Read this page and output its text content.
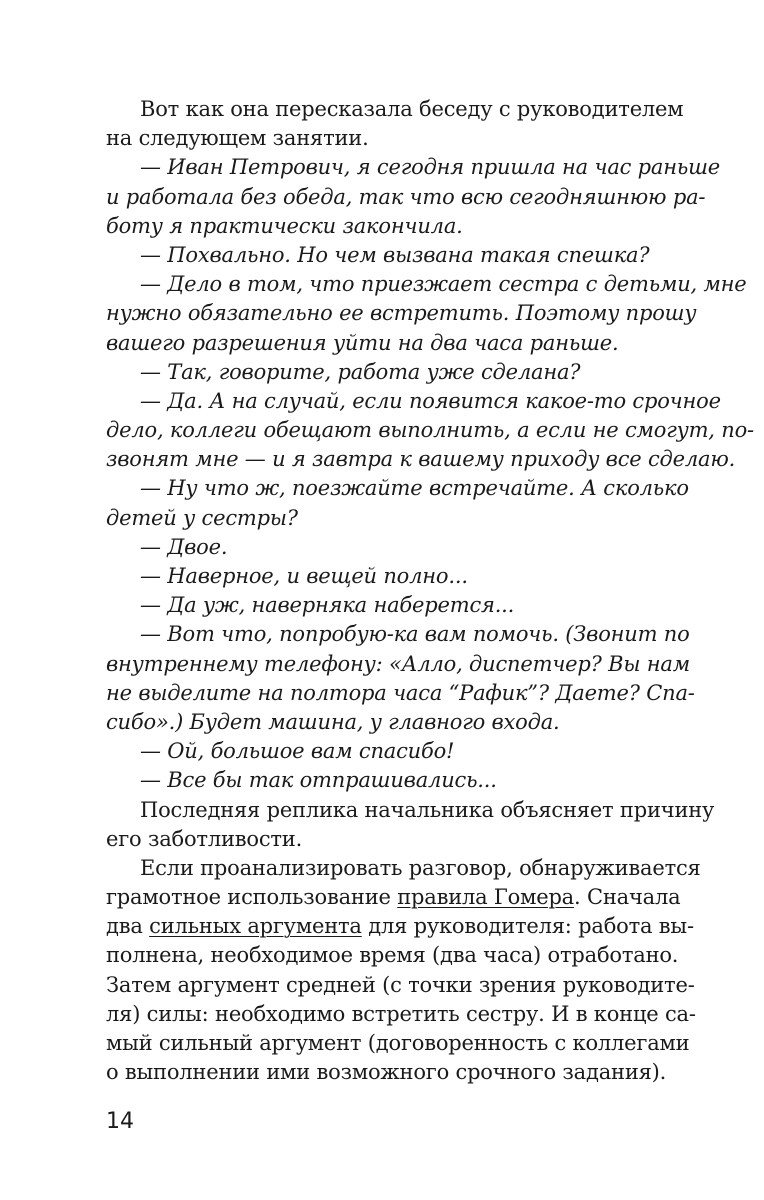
Вот как она пересказала беседу с руководителем
на следующем занятии.
— Иван Петрович, я сегодня пришла на час раньше
и работала без обеда, так что всю сегодняшнюю ра-
боту я практически закончила.
— Похвально. Но чем вызвана такая спешка?
— Дело в том, что приезжает сестра с детьми, мне
нужно обязательно ее встретить. Поэтому прошу
вашего разрешения уйти на два часа раньше.
— Так, говорите, работа уже сделана?
— Да. А на случай, если появится какое-то срочное
дело, коллеги обещают выполнить, а если не смогут, по-
звонят мне — и я завтра к вашему приходу все сделаю.
— Ну что ж, поезжайте встречайте. А сколько
детей у сестры?
— Двое.
— Наверное, и вещей полно...
— Да уж, наверняка наберется...
— Вот что, попробую-ка вам помочь. (Звонит по
внутреннему телефону: «Алло, диспетчер? Вы нам
не выделите на полтора часа “Рафик”? Даете? Спа-
сибо».) Будет машина, у главного входа.
— Ой, большое вам спасибо!
— Все бы так отпрашивались...
Последняя реплика начальника объясняет причину
его заботливости.
Если проанализировать разговор, обнаруживается
грамотное использование правила Гомера. Сначала
два сильных аргумента для руководителя: работа вы-
полнена, необходимое время (два часа) отработано.
Затем аргумент средней (с точки зрения руководите-
ля) силы: необходимо встретить сестру. И в конце са-
мый сильный аргумент (договоренность с коллегами
о выполнении ими возможного срочного задания).
14
